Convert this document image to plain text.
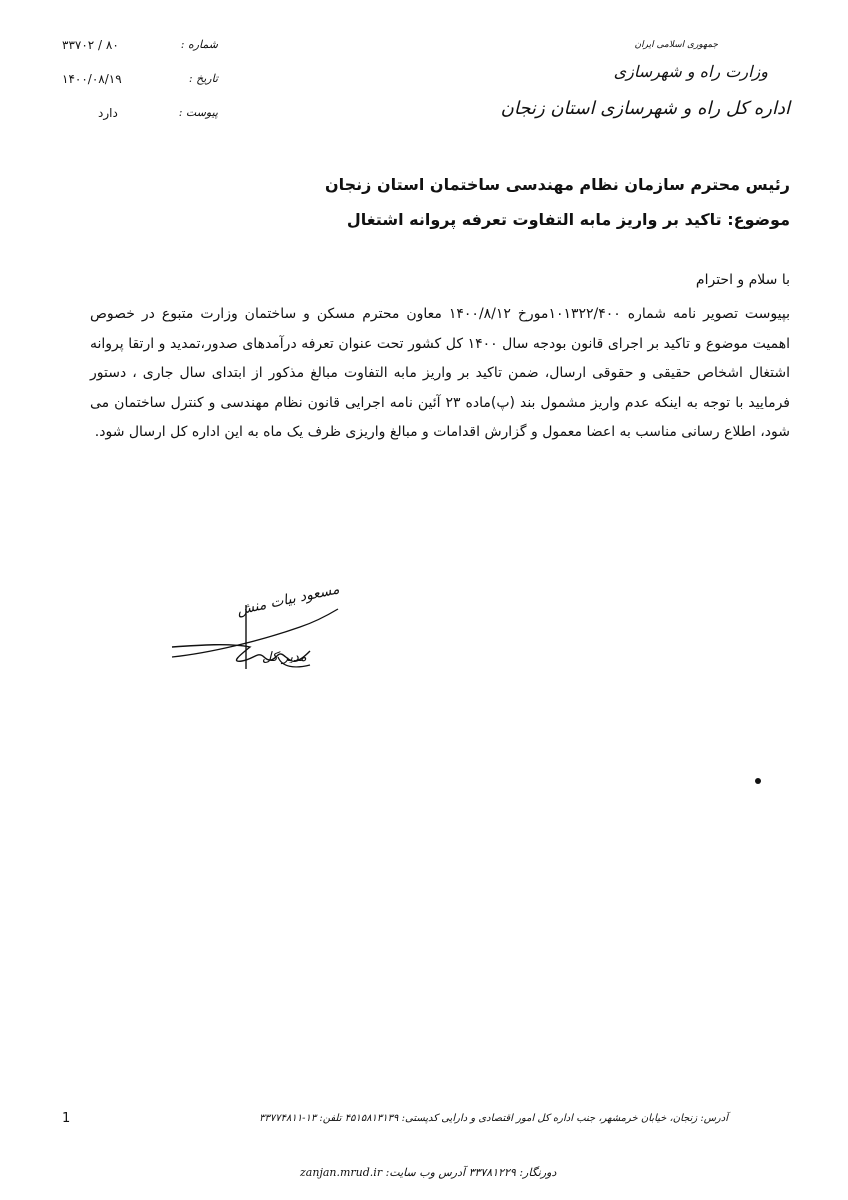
جمهوری اسلامی ایران
وزارت راه و شهرسازی
اداره کل راه و شهرسازی استان زنجان
شماره :
۸۰ / ۳۳۷۰۲
تاریخ :
۱۴۰۰/۰۸/۱۹
پیوست :
دارد
رئیس محترم سازمان نظام مهندسی ساختمان استان زنجان
موضوع: تاکید بر واریز مابه التفاوت تعرفه پروانه اشتغال
با سلام و احترام
بپیوست تصویر نامه شماره ۱۰۱۳۲۲/۴۰۰مورخ ۱۴۰۰/۸/۱۲ معاون محترم مسکن و ساختمان وزارت متبوع در خصوص اهمیت موضوع و تاکید بر اجرای قانون بودجه سال ۱۴۰۰ کل کشور تحت عنوان تعرفه درآمدهای صدور،تمدید و ارتقا پروانه اشتغال اشخاص حقیقی و حقوقی ارسال، ضمن تاکید بر واریز مابه التفاوت مبالغ مذکور از ابتدای سال جاری ، دستور فرمایید با توجه به اینکه عدم واریز مشمول بند (پ)ماده ۲۳ آئین نامه اجرایی قانون نظام مهندسی و کنترل ساختمان می شود، اطلاع رسانی مناسب به اعضا معمول و گزارش اقدامات و مبالغ واریزی ظرف یک ماه به این اداره کل ارسال شود.
مسعود بیات منش
مدیر کل
1	آدرس: زنجان، خیابان خرمشهر، جنب اداره کل امور اقتصادی و دارایی کدپستی: ۴۵۱۵۸۱۳۱۳۹ تلفن: ۱۳-۳۳۷۷۴۸۱۱
دورنگار: ۳۳۷۸۱۲۲۹ آدرس وب سایت: zanjan.mrud.ir
